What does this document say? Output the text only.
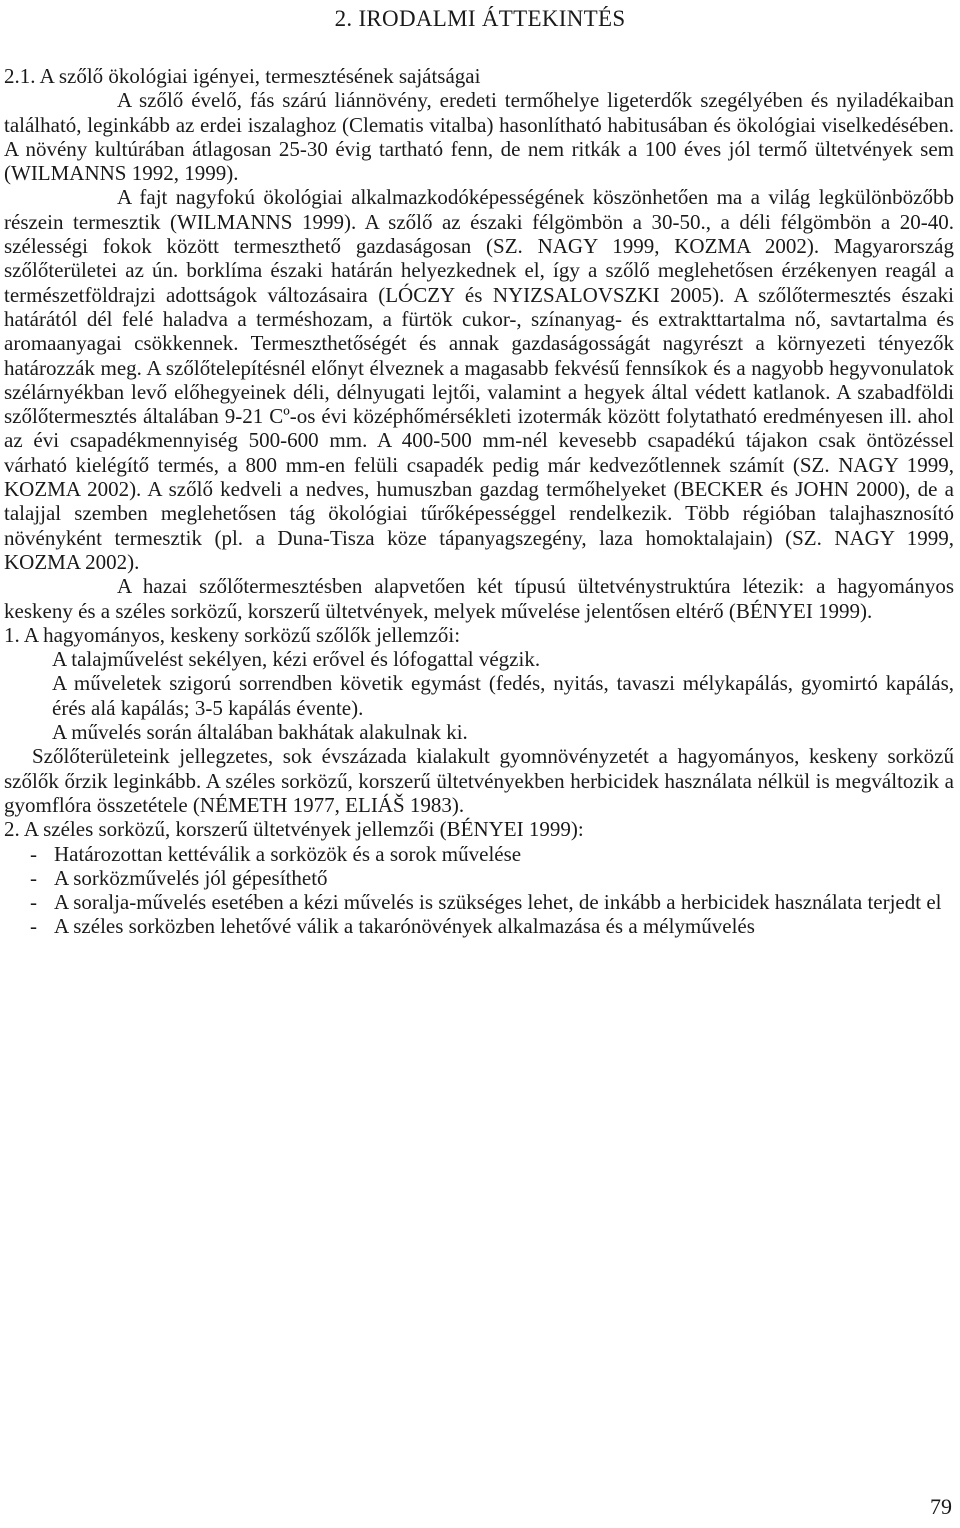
2. IRODALMI ÁTTEKINTÉS

2.1. A szőlő ökológiai igényei, termesztésének sajátságai

A szőlő évelő, fás szárú liánnövény, eredeti termőhelye ligeterdők szegélyében és nyiladékaiban található, leginkább az erdei iszalaghoz (Clematis vitalba) hasonlítható habitusában és ökológiai viselkedésében. A növény kultúrában átlagosan 25-30 évig tartható fenn, de nem ritkák a 100 éves jól termő ültetvények sem (WILMANNS 1992, 1999).

A fajt nagyfokú ökológiai alkalmazkodóképességének köszönhetően ma a világ legkülönbözőbb részein termesztik (WILMANNS 1999). A szőlő az északi félgömbön a 30-50., a déli félgömbön a 20-40. szélességi fokok között termeszthető gazdaságosan (SZ. NAGY 1999, KOZMA 2002). Magyarország szőlőterületei az ún. borklíma északi határán helyezkednek el, így a szőlő meglehetősen érzékenyen reagál a természetföldrajzi adottságok változásaira (LÓCZY és NYIZSALOVSZKI 2005). A szőlőtermesztés északi határától dél felé haladva a terméshozam, a fürtök cukor-, színanyag- és extrakttartalma nő, savtartalma és aromaanyagai csökkennek. Termeszthetőségét és annak gazdaságosságát nagyrészt a környezeti tényezők határozzák meg. A szőlőtelepítésnél előnyt élveznek a magasabb fekvésű fennsíkok és a nagyobb hegyvonulatok szélárnyékban levő előhegyeinek déli, délnyugati lejtői, valamint a hegyek által védett katlanok. A szabadföldi szőlőtermesztés általában 9-21 Cº-os évi középhőmérsékleti izotermák között folytatható eredményesen ill. ahol az évi csapadékmennyiség 500-600 mm. A 400-500 mm-nél kevesebb csapadékú tájakon csak öntözéssel várható kielégítő termés, a 800 mm-en felüli csapadék pedig már kedvezőtlennek számít (SZ. NAGY 1999, KOZMA 2002). A szőlő kedveli a nedves, humuszban gazdag termőhelyeket (BECKER és JOHN 2000), de a talajjal szemben meglehetősen tág ökológiai tűrőképességgel rendelkezik. Több régióban talajhasznosító növényként termesztik (pl. a Duna-Tisza köze tápanyagszegény, laza homoktalajain) (SZ. NAGY 1999, KOZMA 2002).

A hazai szőlőtermesztésben alapvetően két típusú ültetvénystruktúra létezik: a hagyományos keskeny és a széles sorközű, korszerű ültetvények, melyek művelése jelentősen eltérő (BÉNYEI 1999).

1. A hagyományos, keskeny sorközű szőlők jellemzői:

A talajművelést sekélyen, kézi erővel és lófogattal végzik.

A műveletek szigorú sorrendben követik egymást (fedés, nyitás, tavaszi mélykapálás, gyomirtó kapálás, érés alá kapálás; 3-5 kapálás évente).

A művelés során általában bakhátak alakulnak ki.

Szőlőterületeink jellegzetes, sok évszázada kialakult gyomnövényzetét a hagyományos, keskeny sorközű szőlők őrzik leginkább. A széles sorközű, korszerű ültetvényekben herbicidek használata nélkül is megváltozik a gyomflóra összetétele (NÉMETH 1977, ELIÁŠ 1983).

2. A széles sorközű, korszerű ültetvények jellemzői (BÉNYEI 1999):

- Határozottan kettéválik a sorközök és a sorok művelése
- A sorközművelés jól gépesíthető
- A soralja-művelés esetében a kézi művelés is szükséges lehet, de inkább a herbicidek használata terjedt el
- A széles sorközben lehetővé válik a takarónövények alkalmazása és a mélyművelés
79
